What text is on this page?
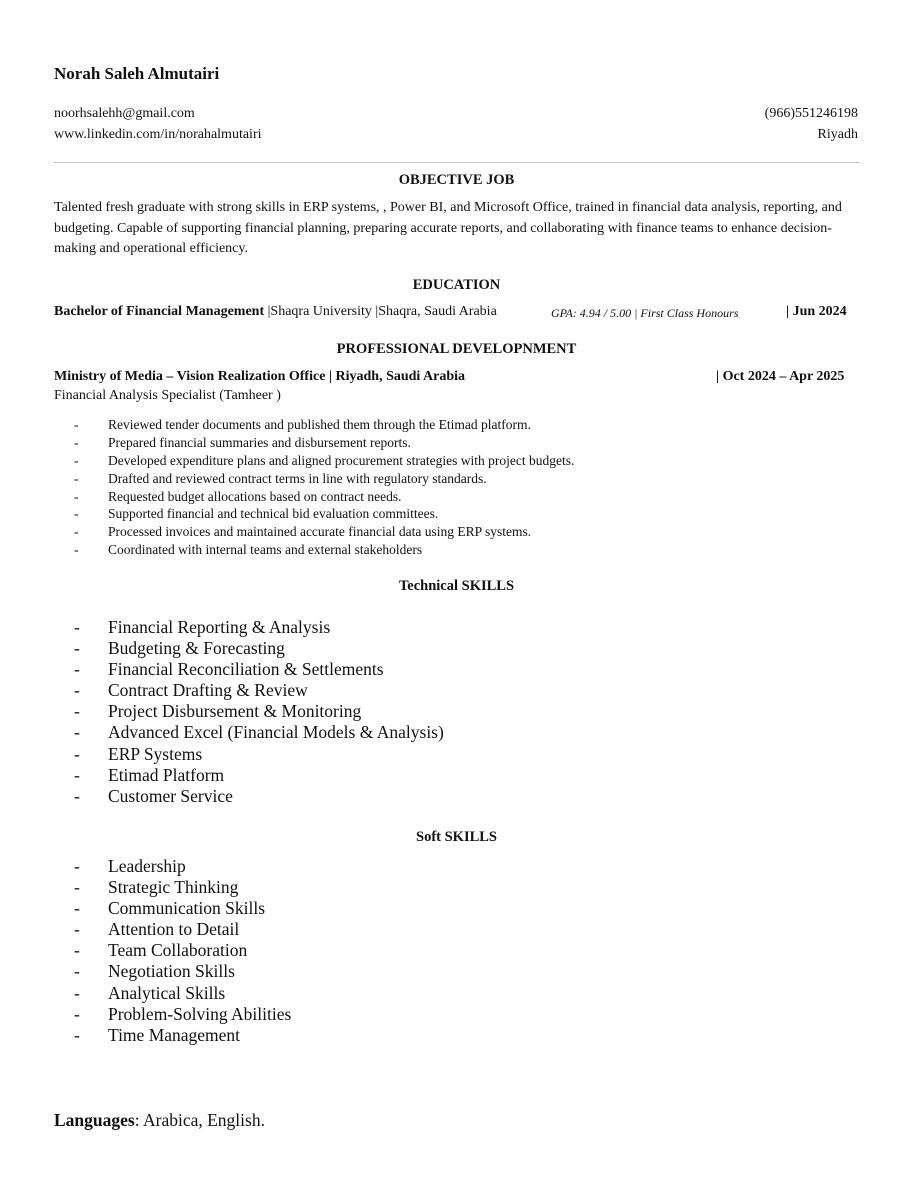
Norah Saleh Almutairi
noorhsalehh@gmail.com
www.linkedin.com/in/norahalmutairi
(966)551246198
Riyadh
OBJECTIVE JOB
Talented fresh graduate with strong skills in ERP systems, , Power BI, and Microsoft Office, trained in financial data analysis, reporting, and budgeting. Capable of supporting financial planning, preparing accurate reports, and collaborating with finance teams to enhance decision-making and operational efficiency.
EDUCATION
Bachelor of Financial Management |Shaqra University |Shaqra, Saudi Arabia	GPA: 4.94 / 5.00 | First Class Honours	| Jun 2024
PROFESSIONAL DEVELOPNMENT
Ministry of Media – Vision Realization Office | Riyadh, Saudi Arabia	| Oct 2024 – Apr 2025
Financial Analysis Specialist (Tamheer )
- Reviewed tender documents and published them through the Etimad platform.
- Prepared financial summaries and disbursement reports.
- Developed expenditure plans and aligned procurement strategies with project budgets.
- Drafted and reviewed contract terms in line with regulatory standards.
- Requested budget allocations based on contract needs.
- Supported financial and technical bid evaluation committees.
- Processed invoices and maintained accurate financial data using ERP systems.
- Coordinated with internal teams and external stakeholders
Technical SKILLS
- Financial Reporting & Analysis
- Budgeting & Forecasting
- Financial Reconciliation & Settlements
- Contract Drafting & Review
- Project Disbursement & Monitoring
- Advanced Excel (Financial Models & Analysis)
- ERP Systems
- Etimad Platform
- Customer Service
Soft SKILLS
- Leadership
- Strategic Thinking
- Communication Skills
- Attention to Detail
- Team Collaboration
- Negotiation Skills
- Analytical Skills
- Problem-Solving Abilities
- Time Management
Languages: Arabica, English.
